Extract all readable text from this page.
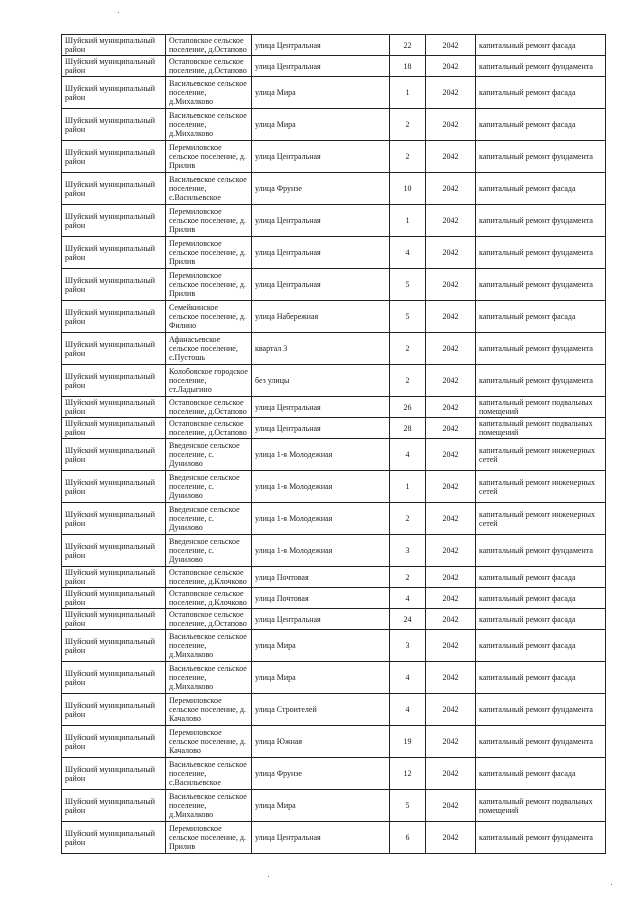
Шуйский муниципальный район	Остаповское сельское поселение, д.Остапово	улица Центральная	22	2042	капитальный ремонт фасада
Шуйский муниципальный район	Остаповское сельское поселение, д.Остапово	улица Центральная	18	2042	капитальный ремонт фундамента
Шуйский муниципальный район	Васильевское сельское поселение, д.Михалково	улица Мира	1	2042	капитальный ремонт фасада
Шуйский муниципальный район	Васильевское сельское поселение, д.Михалково	улица Мира	2	2042	капитальный ремонт фасада
Шуйский муниципальный район	Перемиловское сельское поселение, д. Прилив	улица Центральная	2	2042	капитальный ремонт фундамента
Шуйский муниципальный район	Васильевское сельское поселение, с.Васильевское	улица Фрунзе	10	2042	капитальный ремонт фасада
Шуйский муниципальный район	Перемиловское сельское поселение, д. Прилив	улица Центральная	1	2042	капитальный ремонт фундамента
Шуйский муниципальный район	Перемиловское сельское поселение, д. Прилив	улица Центральная	4	2042	капитальный ремонт фундамента
Шуйский муниципальный район	Перемиловское сельское поселение, д. Прилив	улица Центральная	5	2042	капитальный ремонт фундамента
Шуйский муниципальный район	Семейкинское сельское поселение, д. Филино	улица Набережная	5	2042	капитальный ремонт фасада
Шуйский муниципальный район	Афанасьевское сельское поселение, с.Пустошь	квартал 3	2	2042	капитальный ремонт фундамента
Шуйский муниципальный район	Колобовское городское поселение, ст.Ладыгино	без улицы	2	2042	капитальный ремонт фундамента
Шуйский муниципальный район	Остаповское сельское поселение, д.Остапово	улица Центральная	26	2042	капитальный ремонт подвальных помещений
Шуйский муниципальный район	Остаповское сельское поселение, д.Остапово	улица Центральная	28	2042	капитальный ремонт подвальных помещений
Шуйский муниципальный район	Введенское сельское поселение, с. Дунилово	улица 1-я Молодежная	4	2042	капитальный ремонт инженерных сетей
Шуйский муниципальный район	Введенское сельское поселение, с. Дунилово	улица 1-я Молодежная	1	2042	капитальный ремонт инженерных сетей
Шуйский муниципальный район	Введенское сельское поселение, с. Дунилово	улица 1-я Молодежная	2	2042	капитальный ремонт инженерных сетей
Шуйский муниципальный район	Введенское сельское поселение, с. Дунилово	улица 1-я Молодежная	3	2042	капитальный ремонт фундамента
Шуйский муниципальный район	Остаповское сельское поселение, д.Клочково	улица Почтовая	2	2042	капитальный ремонт фасада
Шуйский муниципальный район	Остаповское сельское поселение, д.Клочково	улица Почтовая	4	2042	капитальный ремонт фасада
Шуйский муниципальный район	Остаповское сельское поселение, д.Остапово	улица Центральная	24	2042	капитальный ремонт фасада
Шуйский муниципальный район	Васильевское сельское поселение, д.Михалково	улица Мира	3	2042	капитальный ремонт фасада
Шуйский муниципальный район	Васильевское сельское поселение, д.Михалково	улица Мира	4	2042	капитальный ремонт фасада
Шуйский муниципальный район	Перемиловское сельское поселение, д. Качалово	улица Строителей	4	2042	капитальный ремонт фундамента
Шуйский муниципальный район	Перемиловское сельское поселение, д. Качалово	улица Южная	19	2042	капитальный ремонт фундамента
Шуйский муниципальный район	Васильевское сельское поселение, с.Васильевское	улица Фрунзе	12	2042	капитальный ремонт фасада
Шуйский муниципальный район	Васильевское сельское поселение, д.Михалково	улица Мира	5	2042	капитальный ремонт подвальных помещений
Шуйский муниципальный район	Перемиловское сельское поселение, д. Прилив	улица Центральная	6	2042	капитальный ремонт фундамента
